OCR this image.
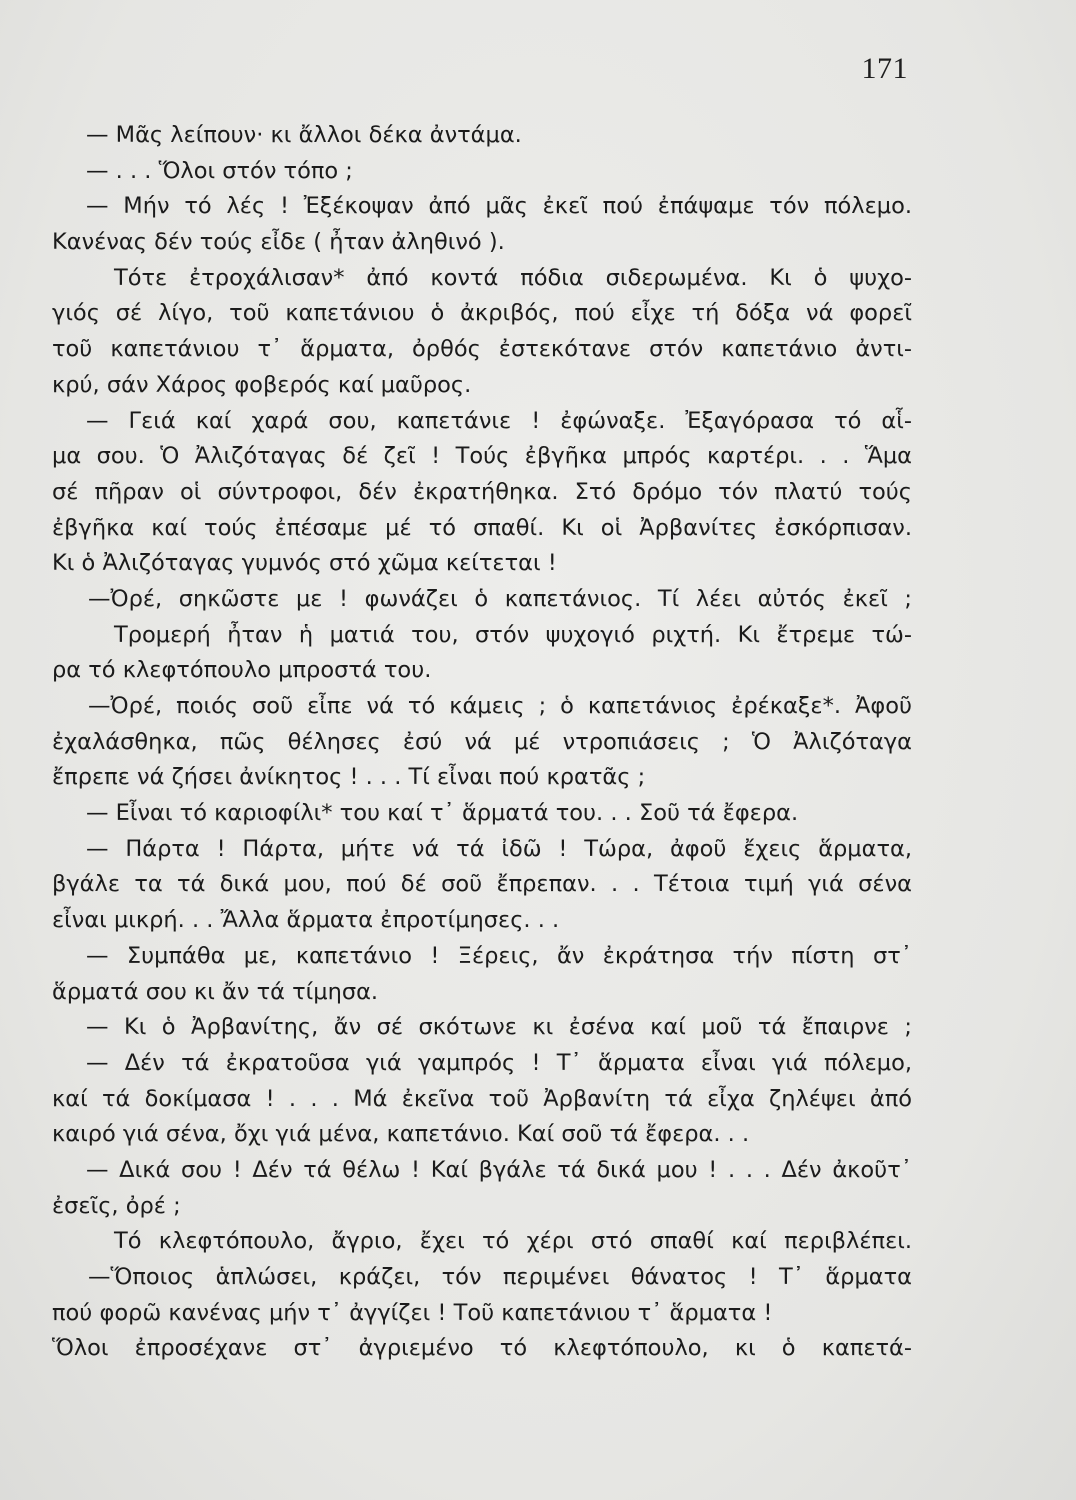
171
— Μᾶς λείπουν· κι ἄλλοι δέκα ἀντάμα.
— . . . Ὅλοι στόν τόπο ;
— Μήν τό λές ! Ἐξέκοψαν ἀπό μᾶς ἐκεῖ πού ἐπάψαμε τόν πόλεμο.
Κανένας δέν τούς εἶδε ( ἦταν ἀληθινό ).
Τότε ἐτροχάλισαν* ἀπό κοντά πόδια σιδερωμένα. Κι ὁ ψυχο-
γιός σέ λίγο, τοῦ καπετάνιου ὁ ἀκριβός, πού εἶχε τή δόξα νά φορεῖ
τοῦ καπετάνιου τ᾿ ἅρματα, ὀρθός ἐστεκότανε στόν καπετάνιο ἀντι-
κρύ, σάν Χάρος φοβερός καί μαῦρος.
— Γειά καί χαρά σου, καπετάνιε ! ἐφώναξε. Ἐξαγόρασα τό αἷ-
μα σου. Ὁ Ἀλιζόταγας δέ ζεῖ ! Τούς ἐβγῆκα μπρός καρτέρι. . . Ἅμα
σέ πῆραν οἱ σύντροφοι, δέν ἐκρατήθηκα. Στό δρόμο τόν πλατύ τούς
ἐβγῆκα καί τούς ἐπέσαμε μέ τό σπαθί. Κι οἱ Ἀρβανίτες ἐσκόρπισαν.
Κι ὁ Ἀλιζόταγας γυμνός στό χῶμα κείτεται !
—Ὀρέ, σηκῶστε με ! φωνάζει ὁ καπετάνιος. Τί λέει αὐτός ἐκεῖ ;
Τρομερή ἦταν ἡ ματιά του, στόν ψυχογιό ριχτή. Κι ἔτρεμε τώ-
ρα τό κλεφτόπουλο μπροστά του.
—Ὀρέ, ποιός σοῦ εἶπε νά τό κάμεις ; ὁ καπετάνιος ἐρέκαξε*. Ἀφοῦ
ἐχαλάσθηκα, πῶς θέλησες ἐσύ νά μέ ντροπιάσεις ; Ὁ Ἀλιζόταγα
ἔπρεπε νά ζήσει ἀνίκητος ! . . . Τί εἶναι πού κρατᾶς ;
— Εἶναι τό καριοφίλι* του καί τ᾿ ἅρματά του. . . Σοῦ τά ἔφερα.
— Πάρτα ! Πάρτα, μήτε νά τά ἰδῶ ! Τώρα, ἀφοῦ ἔχεις ἅρματα,
βγάλε τα τά δικά μου, πού δέ σοῦ ἔπρεπαν. . . Τέτοια τιμή γιά σένα
εἶναι μικρή. . . Ἄλλα ἅρματα ἐπροτίμησες. . .
— Συμπάθα με, καπετάνιο ! Ξέρεις, ἄν ἐκράτησα τήν πίστη στ᾿
ἅρματά σου κι ἄν τά τίμησα.
— Κι ὁ Ἀρβανίτης, ἄν σέ σκότωνε κι ἐσένα καί μοῦ τά ἔπαιρνε ;
— Δέν τά ἐκρατοῦσα γιά γαμπρός ! Τ᾿ ἅρματα εἶναι γιά πόλεμο,
καί τά δοκίμασα ! . . . Μά ἐκεῖνα τοῦ Ἀρβανίτη τά εἶχα ζηλέψει ἀπό
καιρό γιά σένα, ὄχι γιά μένα, καπετάνιο. Καί σοῦ τά ἔφερα. . .
— Δικά σου ! Δέν τά θέλω ! Καί βγάλε τά δικά μου ! . . . Δέν ἀκοῦτ᾿
ἐσεῖς, ὀρέ ;
Τό κλεφτόπουλο, ἄγριο, ἔχει τό χέρι στό σπαθί καί περιβλέπει.
—Ὅποιος ἁπλώσει, κράζει, τόν περιμένει θάνατος ! Τ᾿ ἅρματα
πού φορῶ κανένας μήν τ᾿ ἀγγίζει ! Τοῦ καπετάνιου τ᾿ ἅρματα !
Ὅλοι ἐπροσέχανε στ᾿ ἀγριεμένο τό κλεφτόπουλο, κι ὁ καπετά-
